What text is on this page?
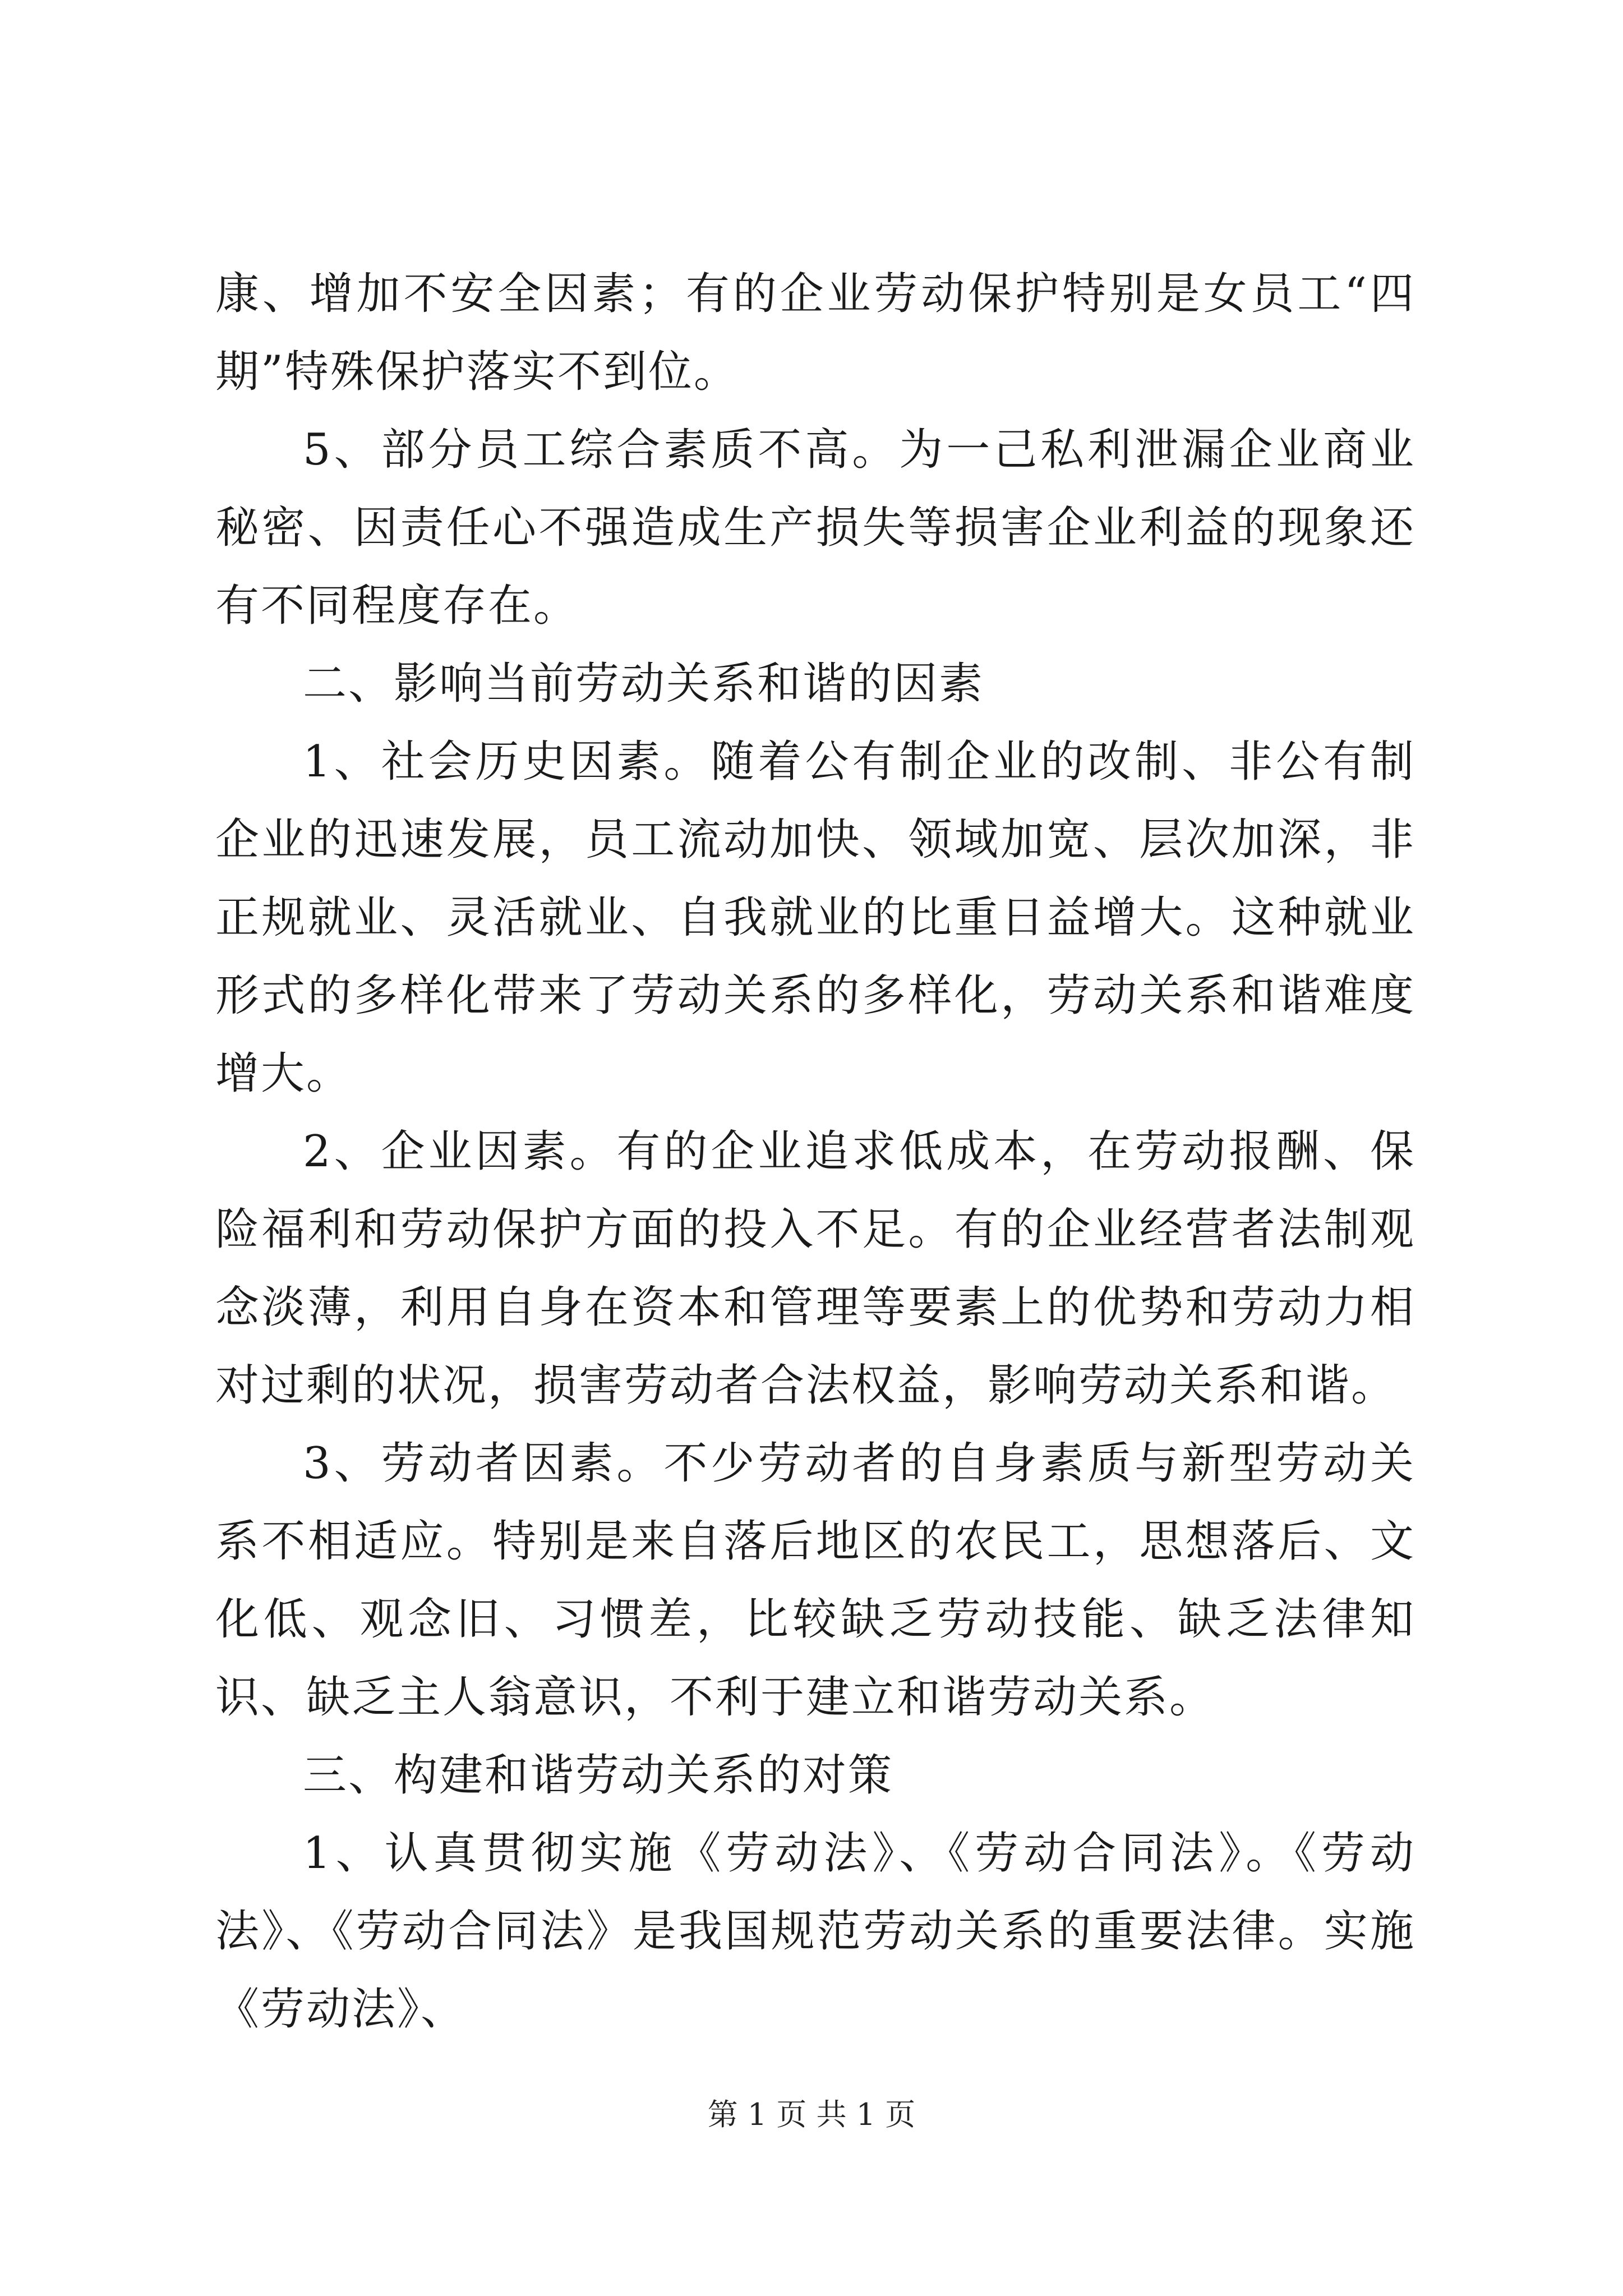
康、增加不安全因素；有的企业劳动保护特别是女员工“四期”特殊保护落实不到位。

5、部分员工综合素质不高。为一己私利泄漏企业商业秘密、因责任心不强造成生产损失等损害企业利益的现象还有不同程度存在。

二、影响当前劳动关系和谐的因素

1、社会历史因素。随着公有制企业的改制、非公有制企业的迅速发展，员工流动加快、领域加宽、层次加深，非正规就业、灵活就业、自我就业的比重日益增大。这种就业形式的多样化带来了劳动关系的多样化，劳动关系和谐难度增大。

2、企业因素。有的企业追求低成本，在劳动报酬、保险福利和劳动保护方面的投入不足。有的企业经营者法制观念淡薄，利用自身在资本和管理等要素上的优势和劳动力相对过剩的状况，损害劳动者合法权益，影响劳动关系和谐。

3、劳动者因素。不少劳动者的自身素质与新型劳动关系不相适应。特别是来自落后地区的农民工，思想落后、文化低、观念旧、习惯差，比较缺乏劳动技能、缺乏法律知识、缺乏主人翁意识，不利于建立和谐劳动关系。

三、构建和谐劳动关系的对策

1、认真贯彻实施《劳动法》、《劳动合同法》。《劳动法》、《劳动合同法》是我国规范劳动关系的重要法律。实施《劳动法》、

第 1 页 共 1 页
